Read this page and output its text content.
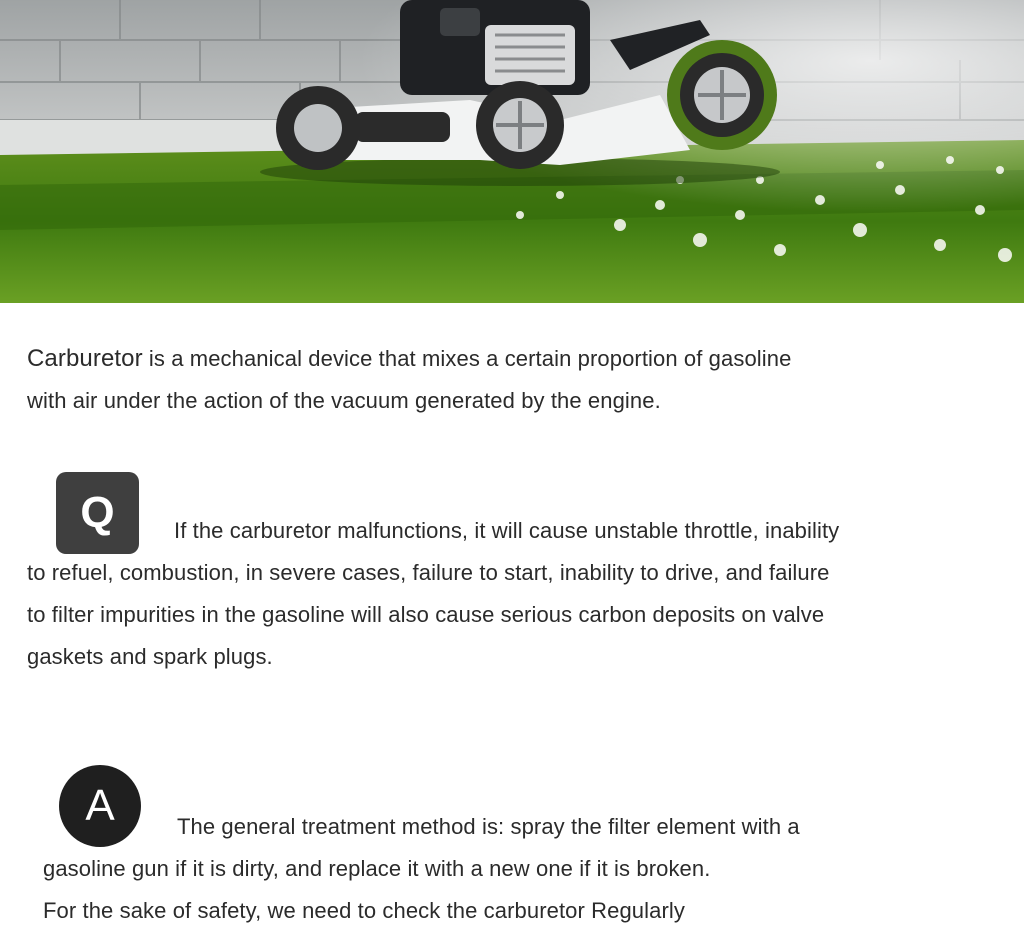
Carburetor is a mechanical device that mixes a certain proportion of gasoline
with air under the action of the vacuum generated by the engine.
Q	If the carburetor malfunctions, it will cause unstable throttle, inability
to refuel, combustion, in severe cases, failure to start, inability to drive, and failure
to filter impurities in the gasoline will also cause serious carbon deposits on valve
gaskets and spark plugs.
A	The general treatment method is: spray the filter element with a
gasoline gun if it is dirty, and replace it with a new one if it is broken.
For the sake of safety, we need to check the carburetor Regularly
